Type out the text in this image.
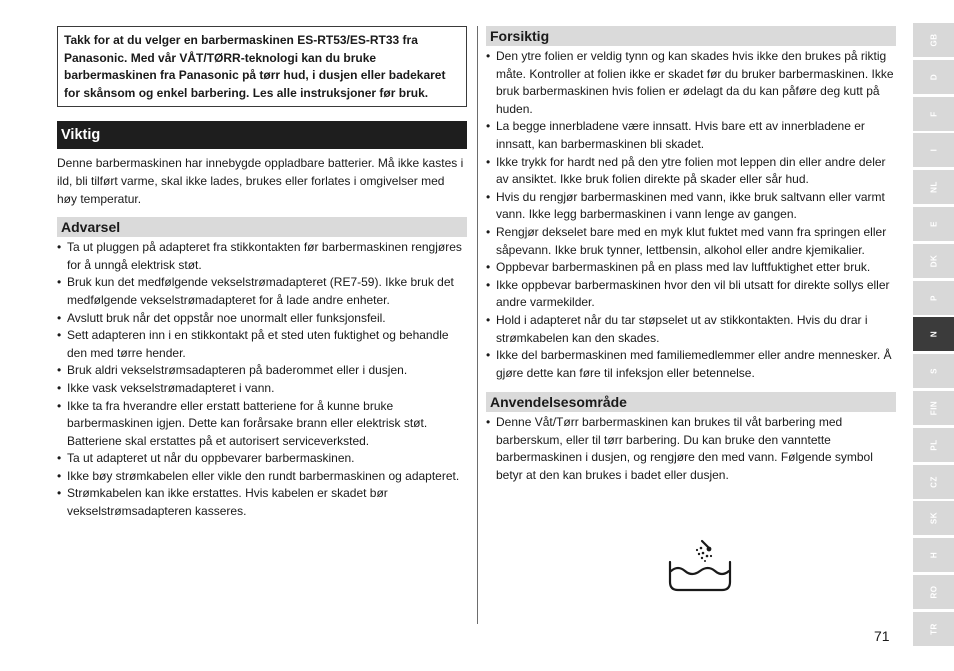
Takk for at du velger en barbermaskinen ES-RT53/ES-RT33 fra Panasonic. Med vår VÅT/TØRR-teknologi kan du bruke barbermaskinen fra Panasonic på tørr hud, i dusjen eller badekaret for skånsom og enkel barbering. Les alle instruksjoner før bruk.
Viktig

Denne barbermaskinen har innebygde oppladbare batterier. Må ikke kastes i ild, bli tilført varme, skal ikke lades, brukes eller forlates i omgivelser med høy temperatur.

Advarsel
• Ta ut pluggen på adapteret fra stikkontakten før barbermaskinen rengjøres for å unngå elektrisk støt.
• Bruk kun det medfølgende vekselstrømadapteret (RE7-59). Ikke bruk det medfølgende vekselstrømadapteret for å lade andre enheter.
• Avslutt bruk når det oppstår noe unormalt eller funksjonsfeil.
• Sett adapteren inn i en stikkontakt på et sted uten fuktighet og behandle den med tørre hender.
• Bruk aldri vekselstrømsadapteren på baderommet eller i dusjen.
• Ikke vask vekselstrømadapteret i vann.
• Ikke ta fra hverandre eller erstatt batteriene for å kunne bruke barbermaskinen igjen. Dette kan forårsake brann eller elektrisk støt. Batteriene skal erstattes på et autorisert serviceverksted.
• Ta ut adapteret ut når du oppbevarer barbermaskinen.
• Ikke bøy strømkabelen eller vikle den rundt barbermaskinen og adapteret.
• Strømkabelen kan ikke erstattes. Hvis kabelen er skadet bør vekselstrømsadapteren kasseres.
Forsiktig
• Den ytre folien er veldig tynn og kan skades hvis ikke den brukes på riktig måte. Kontroller at folien ikke er skadet før du bruker barbermaskinen. Ikke bruk barbermaskinen hvis folien er ødelagt da du kan påføre deg kutt på huden.
• La begge innerbladene være innsatt. Hvis bare ett av innerbladene er innsatt, kan barbermaskinen bli skadet.
• Ikke trykk for hardt ned på den ytre folien mot leppen din eller andre deler av ansiktet. Ikke bruk folien direkte på skader eller sår hud.
• Hvis du rengjør barbermaskinen med vann, ikke bruk saltvann eller varmt vann. Ikke legg barbermaskinen i vann lenge av gangen.
• Rengjør dekselet bare med en myk klut fuktet med vann fra springen eller såpevann. Ikke bruk tynner, lettbensin, alkohol eller andre kjemikalier.
• Oppbevar barbermaskinen på en plass med lav luftfuktighet etter bruk.
• Ikke oppbevar barbermaskinen hvor den vil bli utsatt for direkte sollys eller andre varmekilder.
• Hold i adapteret når du tar støpselet ut av stikkontakten. Hvis du drar i strømkabelen kan den skades.
• Ikke del barbermaskinen med familiemedlemmer eller andre mennesker. Å gjøre dette kan føre til infeksjon eller betennelse.
Anvendelsesområde
• Denne Våt/Tørr barbermaskinen kan brukes til våt barbering med barberskum, eller til tørr barbering. Du kan bruke den vanntette barbermaskinen i dusjen, og rengjøre den med vann. Følgende symbol betyr at den kan brukes i badet eller dusjen.
GB
D
F
I
NL
E
DK
P
N
S
FIN
PL
CZ
SK
H
RO
TR
71
